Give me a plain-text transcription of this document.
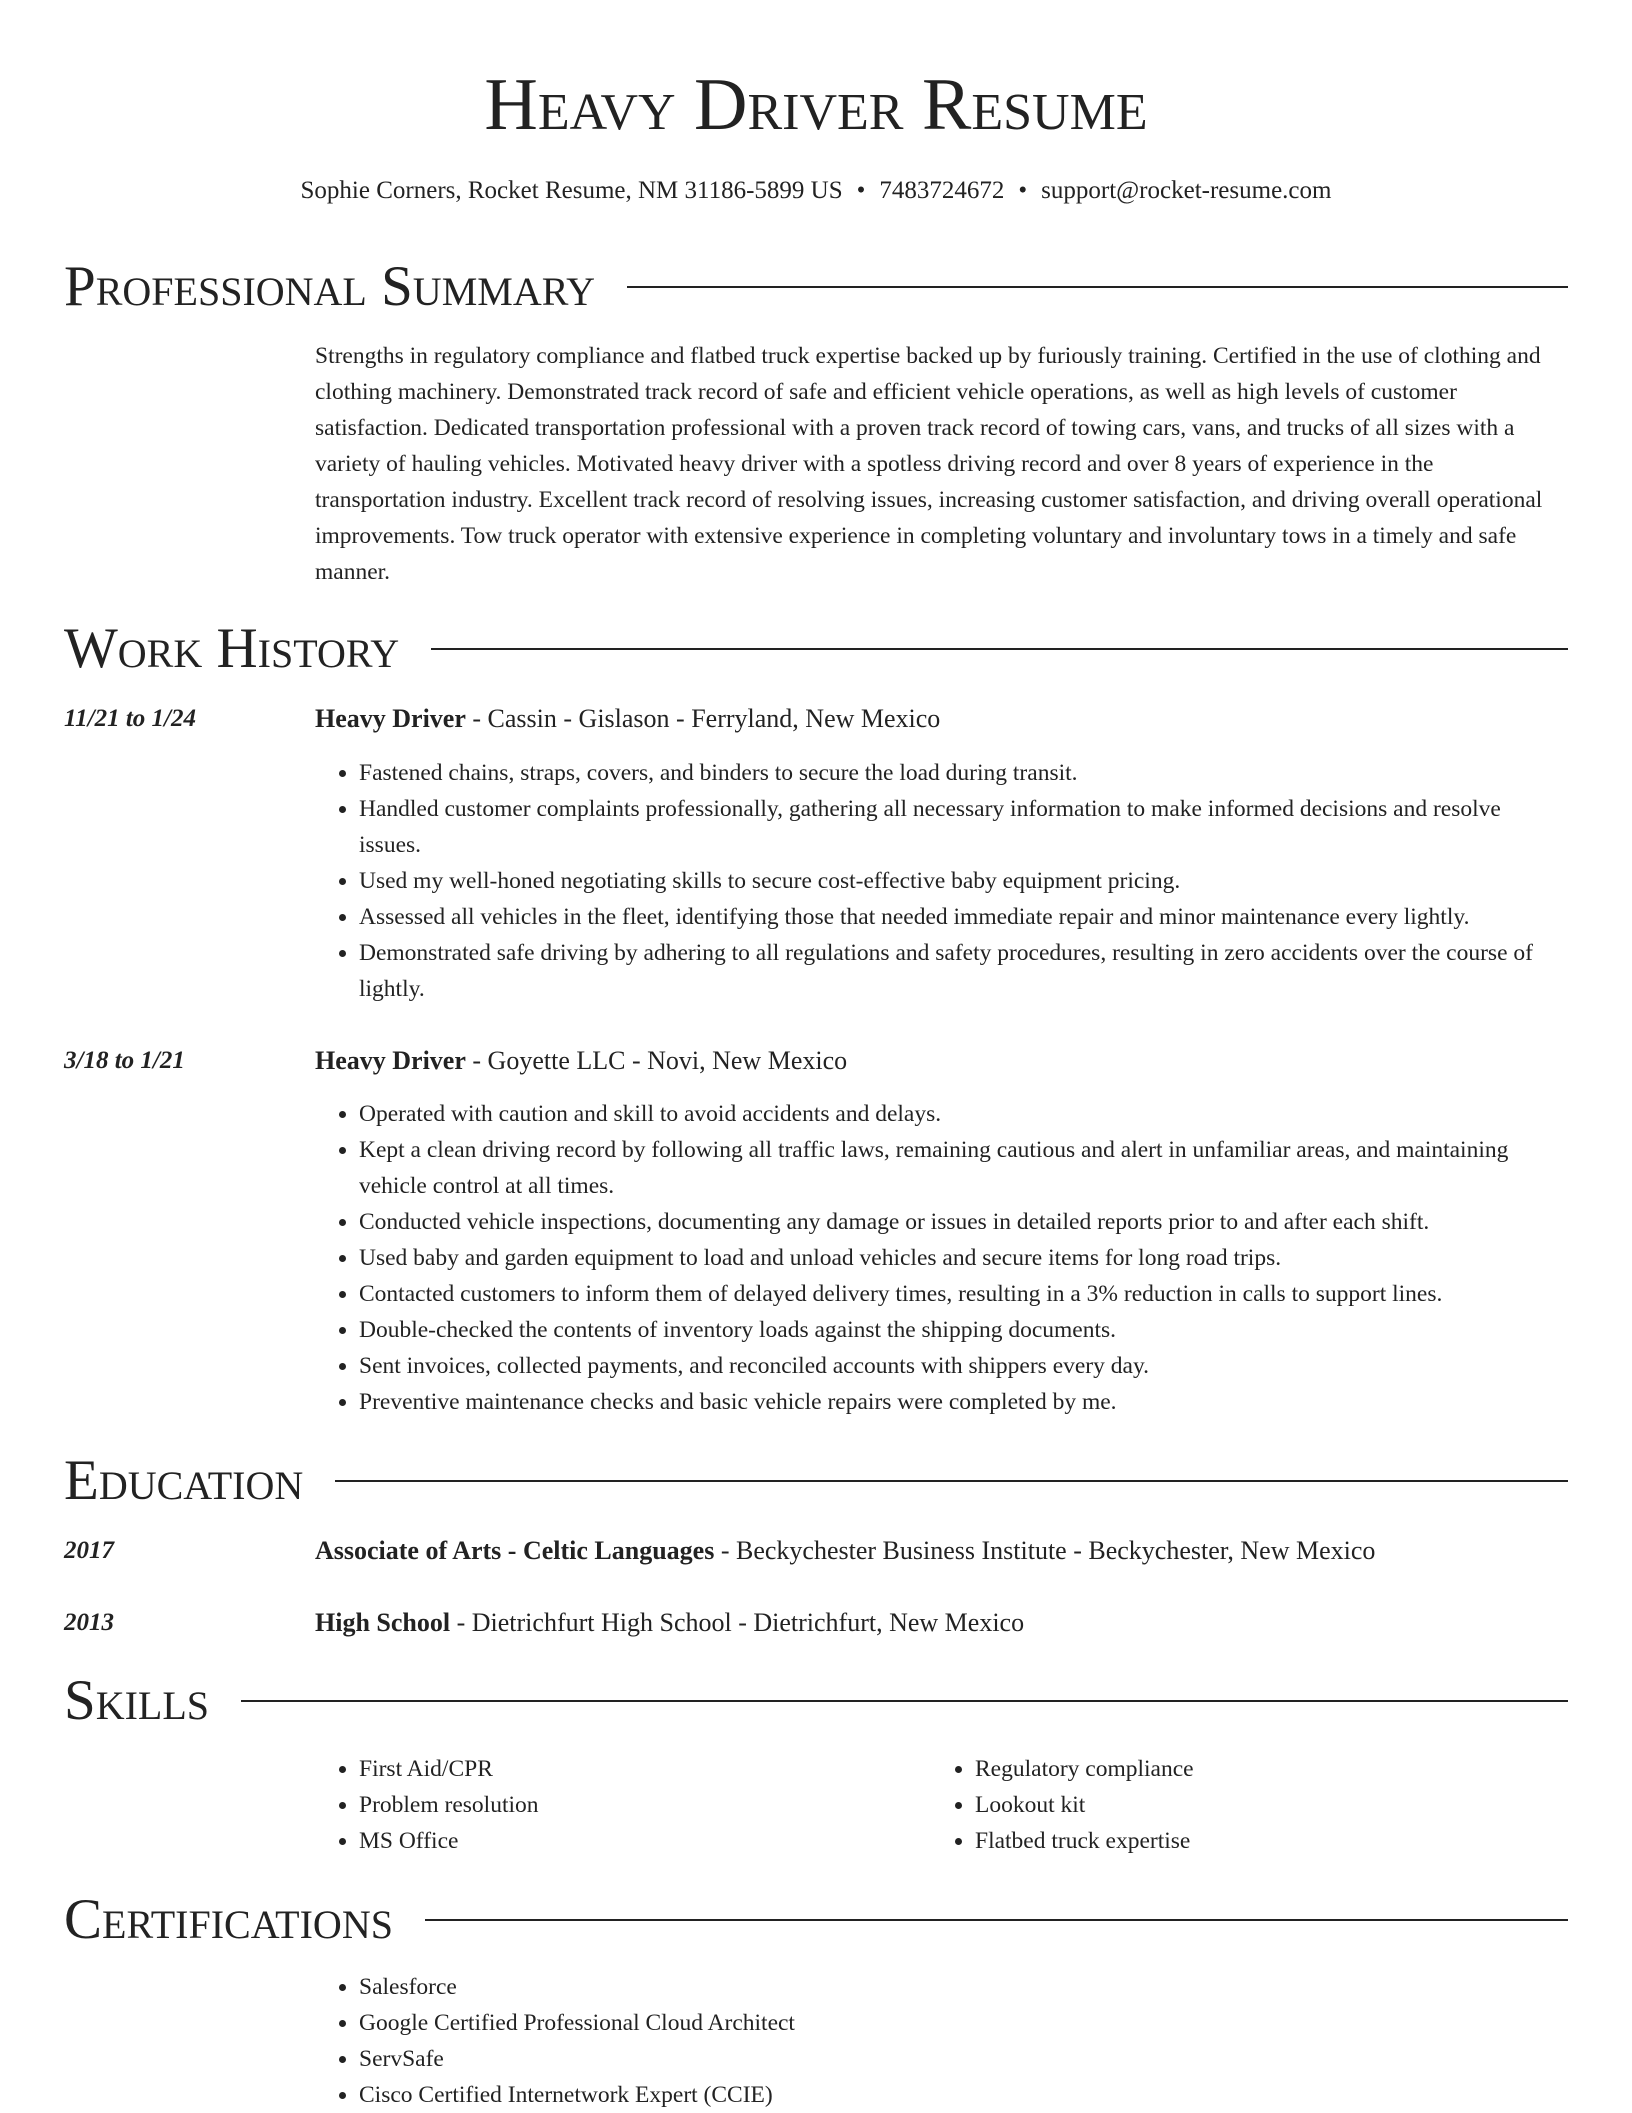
Heavy Driver Resume
Sophie Corners, Rocket Resume, NM 31186-5899 US • 7483724672 • support@rocket-resume.com
Professional Summary

Strengths in regulatory compliance and flatbed truck expertise backed up by furiously training. Certified in the use of clothing and clothing machinery. Demonstrated track record of safe and efficient vehicle operations, as well as high levels of customer satisfaction. Dedicated transportation professional with a proven track record of towing cars, vans, and trucks of all sizes with a variety of hauling vehicles. Motivated heavy driver with a spotless driving record and over 8 years of experience in the transportation industry. Excellent track record of resolving issues, increasing customer satisfaction, and driving overall operational improvements. Tow truck operator with extensive experience in completing voluntary and involuntary tows in a timely and safe manner.

Work History
11/21 to 1/24	Heavy Driver - Cassin - Gislason - Ferryland, New Mexico
• Fastened chains, straps, covers, and binders to secure the load during transit.
• Handled customer complaints professionally, gathering all necessary information to make informed decisions and resolve issues.
• Used my well-honed negotiating skills to secure cost-effective baby equipment pricing.
• Assessed all vehicles in the fleet, identifying those that needed immediate repair and minor maintenance every lightly.
• Demonstrated safe driving by adhering to all regulations and safety procedures, resulting in zero accidents over the course of lightly.
3/18 to 1/21	Heavy Driver - Goyette LLC - Novi, New Mexico
• Operated with caution and skill to avoid accidents and delays.
• Kept a clean driving record by following all traffic laws, remaining cautious and alert in unfamiliar areas, and maintaining vehicle control at all times.
• Conducted vehicle inspections, documenting any damage or issues in detailed reports prior to and after each shift.
• Used baby and garden equipment to load and unload vehicles and secure items for long road trips.
• Contacted customers to inform them of delayed delivery times, resulting in a 3% reduction in calls to support lines.
• Double-checked the contents of inventory loads against the shipping documents.
• Sent invoices, collected payments, and reconciled accounts with shippers every day.
• Preventive maintenance checks and basic vehicle repairs were completed by me.
Education
2017	Associate of Arts - Celtic Languages - Beckychester Business Institute - Beckychester, New Mexico
2013	High School - Dietrichfurt High School - Dietrichfurt, New Mexico
Skills
• First Aid/CPR
• Problem resolution
• MS Office
• Regulatory compliance
• Lookout kit
• Flatbed truck expertise
Certifications
• Salesforce
• Google Certified Professional Cloud Architect
• ServSafe
• Cisco Certified Internetwork Expert (CCIE)
